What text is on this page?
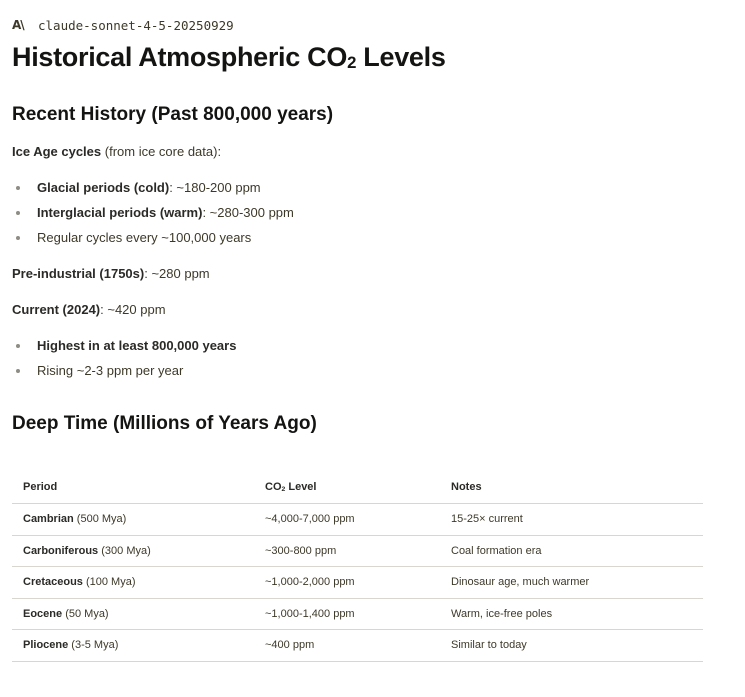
A\	claude-sonnet-4-5-20250929
Historical Atmospheric $CO_2$ Levels
Recent History (Past 800,000 years)

Ice Age cycles (from ice core data):

Glacial periods (cold): ~180-200 ppm
Interglacial periods (warm): ~280-300 ppm
Regular cycles every ~100,000 years

Pre-industrial (1750s): ~280 ppm

Current (2024): ~420 ppm

Highest in at least 800,000 years
Rising ~2-3 ppm per year
Deep Time (Millions of Years Ago)
Period	$CO_2$ Level	Notes
Cambrian (500 Mya)	~4,000-7,000 ppm	15-25× current
Carboniferous (300 Mya)	~300-800 ppm	Coal formation era
Cretaceous (100 Mya)	~1,000-2,000 ppm	Dinosaur age, much warmer
Eocene (50 Mya)	~1,000-1,400 ppm	Warm, ice-free poles
Pliocene (3-5 Mya)	~400 ppm	Similar to today
